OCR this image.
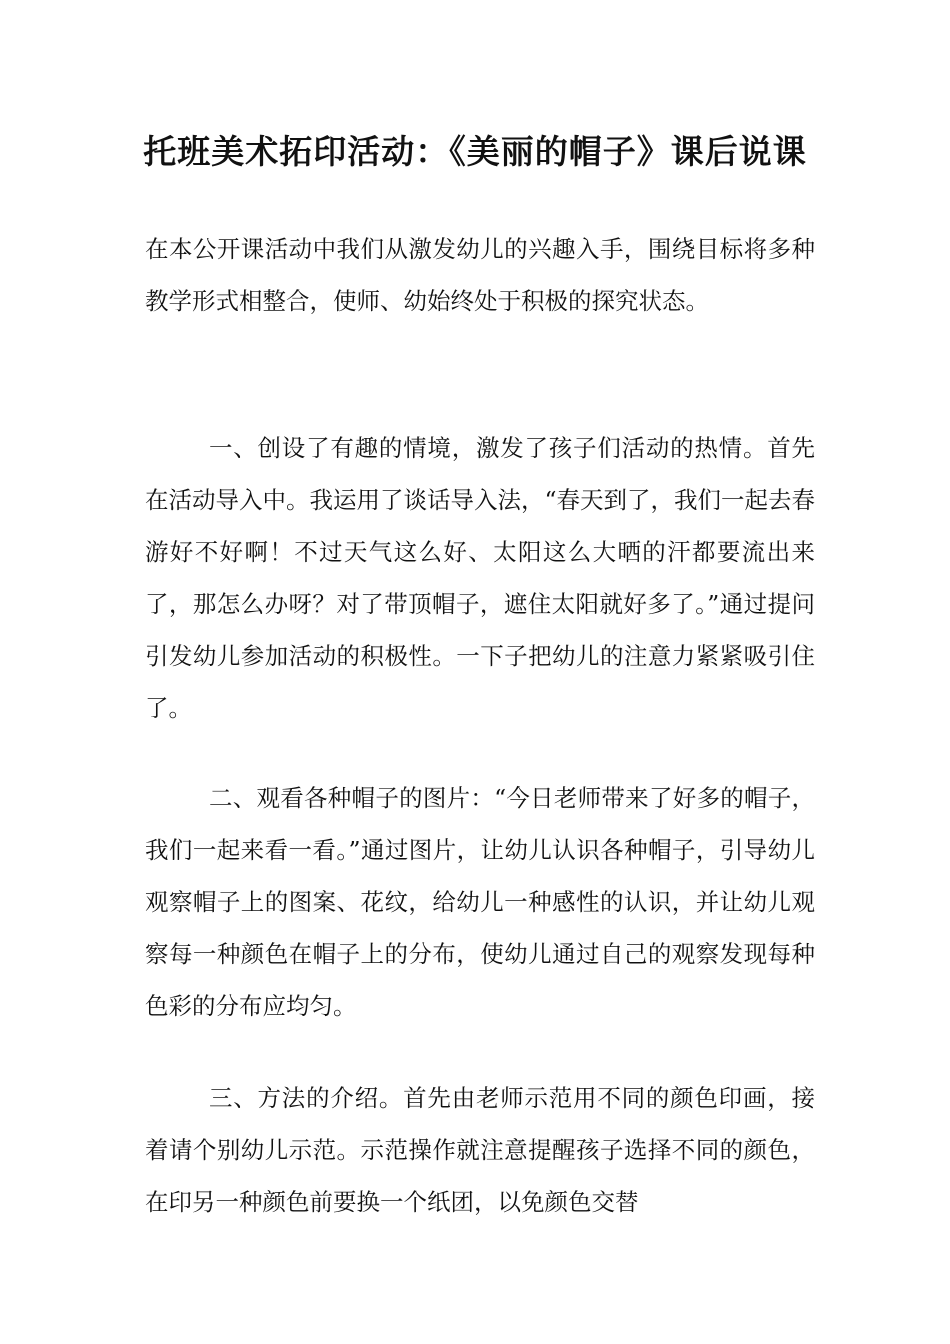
托班美术拓印活动：《美丽的帽子》课后说课

在本公开课活动中我们从激发幼儿的兴趣入手，围绕目标将多种教学形式相整合，使师、幼始终处于积极的探究状态。

一、创设了有趣的情境，激发了孩子们活动的热情。首先在活动导入中。我运用了谈话导入法，“春天到了，我们一起去春游好不好啊！不过天气这么好、太阳这么大晒的汗都要流出来了，那怎么办呀？对了带顶帽子，遮住太阳就好多了。”通过提问引发幼儿参加活动的积极性。一下子把幼儿的注意力紧紧吸引住了。

二、观看各种帽子的图片：“今日老师带来了好多的帽子，我们一起来看一看。”通过图片，让幼儿认识各种帽子，引导幼儿观察帽子上的图案、花纹，给幼儿一种感性的认识，并让幼儿观察每一种颜色在帽子上的分布，使幼儿通过自己的观察发现每种色彩的分布应均匀。

三、方法的介绍。首先由老师示范用不同的颜色印画，接着请个别幼儿示范。示范操作就注意提醒孩子选择不同的颜色，在印另一种颜色前要换一个纸团，以免颜色交替
